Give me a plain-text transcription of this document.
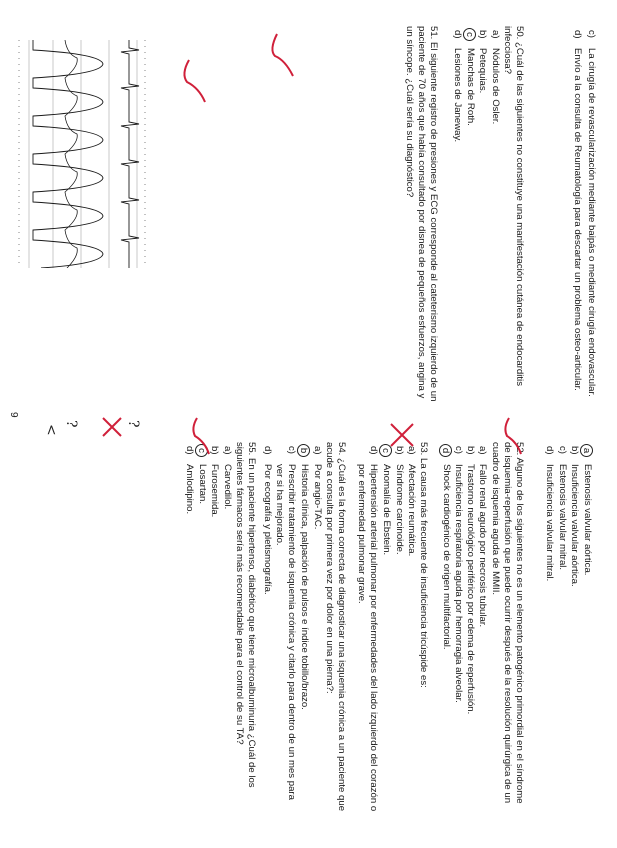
c)
La cirugía de revascularización mediante baipás o mediante cirugía endovascular.
d)
Envío a la consulta de Reumatología para descartar un problema osteo-articular.

50. ¿Cuál de las siguientes no constituye una manifestación cutánea de endocarditis infecciosa?

a)
Nódulos de Osler.
b)
Petequias.
c
Manchas de Roth.
d)
Lesiones de Janeway.

51. El siguiente registro de presiones y ECG corresponde al cateterismo izquierdo de un paciente de 70 años que había consultado por disnea de pequeños esfuerzos, angina y un síncope. ¿Cuál sería su diagnóstico?

a
Estenosis valvular aórtica.
b)
Insuficiencia valvular aórtica.
c)
Estenosis valvular mitral.
d)
Insuficiencia valvular mitral.

52. Alguno de los siguientes no es un elemento patogénico primordial en el síndrome de isquemia-reperfusión que puede ocurrir después de la resolución quirúrgica de un cuadro de isquemia aguda de MMII.

a)
Fallo renal agudo por necrosis tubular.
b)
Trastorno neurológico periférico por edema de reperfusión.
c)
Insuficiencia respiratoria aguda por hemorragia alveolar.
d
Shock cardiogénico de origen multifactorial.

53. La causa más frecuente de insuficiencia tricúspide es:

a)
Afectación reumática.
b)
Síndrome carcinoide.
c
Anomalía de Ebstein.
d)
Hipertensión arterial pulmonar por enfermedades del lado izquierdo del corazón o por enfermedad pulmonar grave.

54. ¿Cuál es la forma correcta de diagnosticar una isquemia crónica a un paciente que acude a consulta por primera vez por dolor en una pierna?:

a)
Por angio-TAC.
b
Historia clínica, palpación de pulsos e índice tobillo/brazo.
c)
Prescribir tratamiento de isquemia crónica y citarlo para dentro de un mes para ver si ha mejorado.
d)
Por ecografía y pletismografía.

55. En un paciente hipertenso, diabético que tiene microalbuminuria ¿Cuál de los siguientes fármacos sería más recomendable para el control de su TA?

a)
Carvedilol.
b)
Furosemida.
c
Losartan.
d)
Amlodipino.
9
?
?
<
